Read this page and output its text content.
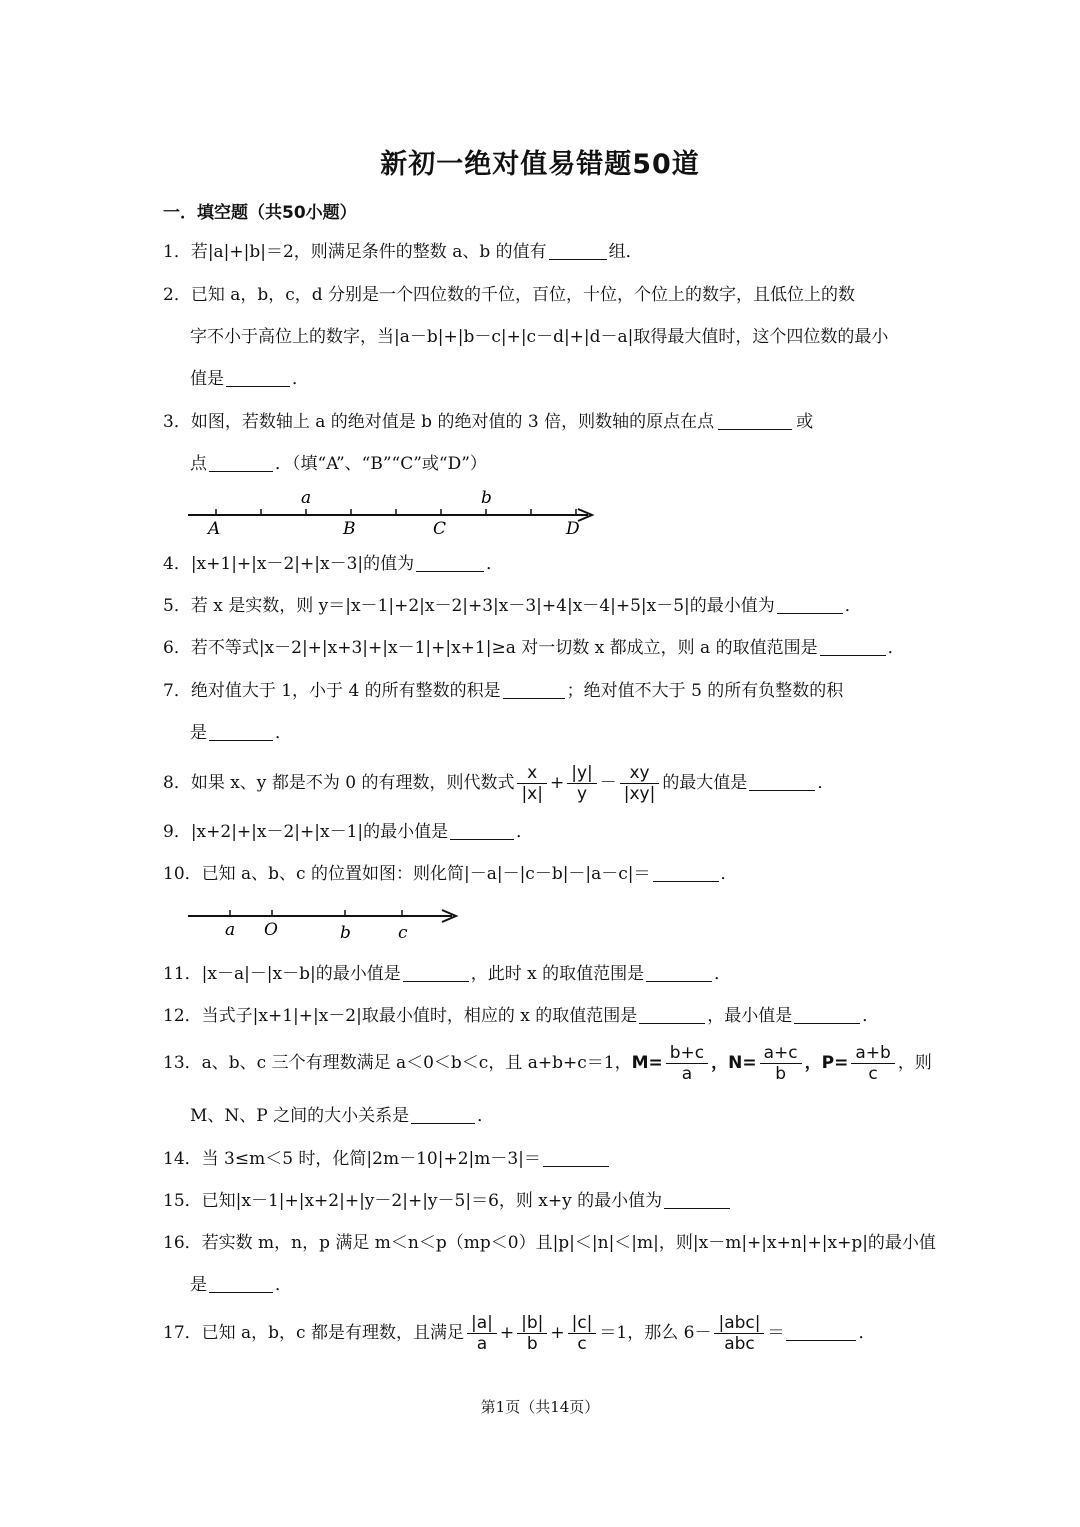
新初一绝对值易错题50道
一．填空题（共50小题）
1．若|a|+|b|＝2，则满足条件的整数 a、b 的值有	组．
2．已知 a，b，c，d 分别是一个四位数的千位，百位，十位，个位上的数字，且低位上的数
字不小于高位上的数字，当|a－b|+|b－c|+|c－d|+|d－a|取得最大值时，这个四位数的最小
值是	．
3．如图，若数轴上 a 的绝对值是 b 的绝对值的 3 倍，则数轴的原点在点	或
点	．（填“A”、“B”“C”或“D”）
a	b
A	B	C	D
4．|x+1|+|x－2|+|x－3|的值为	．
5．若 x 是实数，则 y＝|x－1|+2|x－2|+3|x－3|+4|x－4|+5|x－5|的最小值为	．
6．若不等式|x－2|+|x+3|+|x－1|+|x+1|≥a 对一切数 x 都成立，则 a 的取值范围是	．
7．绝对值大于 1，小于 4 的所有整数的积是	；绝对值不大于 5 的所有负整数的积
是	．
8．如果 x、y 都是不为 0 的有理数，则代数式 $\frac{x}{|x|} + \frac{|y|}{y} - \frac{xy}{|xy|}$ 的最大值是	．
9．|x+2|+|x－2|+|x－1|的最小值是	．
10．已知 a、b、c 的位置如图：则化简|－a|－|c－b|－|a－c|＝	．
a O	b	c
11．|x－a|－|x－b|的最小值是	，此时 x 的取值范围是	．
12．当式子|x+1|+|x－2|取最小值时，相应的 x 的取值范围是	，最小值是	．
13．a、b、c 三个有理数满足 a＜0＜b＜c，且 a+b+c＝1，$M= \frac{b+c}{a}$ ，$N= \frac{a+c}{b}$ ，$P= \frac{a+b}{c}$ ，则
M、N、P 之间的大小关系是	．
14．当 3≤m＜5 时，化简|2m－10|+2|m－3|＝
15．已知|x－1|+|x+2|+|y－2|+|y－5|＝6，则 x+y 的最小值为
16．若实数 m，n，p 满足 m＜n＜p（mp＜0）且|p|＜|n|＜|m|，则|x－m|+|x+n|+|x+p|的最小值
是	．
17．已知 a，b，c 都是有理数，且满足 $\frac{|a|}{a} + \frac{|b|}{b} + \frac{|c|}{c} =1$，那么 $6- \frac{\text{|abc|}}{\text{abc}}$ ＝	．
第1页（共14页）
